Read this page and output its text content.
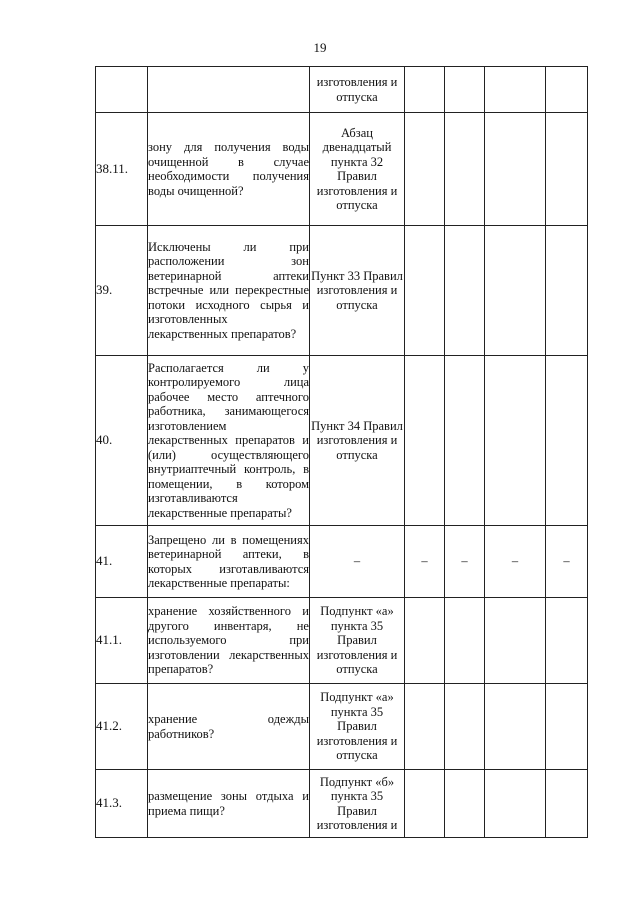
19
		изготовления и отпуска				
38.11.	зону для получения воды очищенной в случае необходимости получения воды очищенной?	Абзац двенадцатый пункта 32 Правил изготовления и отпуска				
39.	Исключены ли при расположении зон ветеринарной аптеки встречные или перекрестные потоки исходного сырья и изготовленных лекарственных препаратов?	Пункт 33 Правил изготовления и отпуска				
40.	Располагается ли у контролируемого лица рабочее место аптечного работника, занимающегося изготовлением лекарственных препаратов и (или) осуществляющего внутриаптечный контроль, в помещении, в котором изготавливаются лекарственные препараты?	Пункт 34 Правил изготовления и отпуска				
41.	Запрещено ли в помещениях ветеринарной аптеки, в которых изготавливаются лекарственные препараты:	–	–	–	–	–
41.1.	хранение хозяйственного и другого инвентаря, не используемого при изготовлении лекарственных препаратов?	Подпункт «а» пункта 35 Правил изготовления и отпуска				
41.2.	хранение одежды работников?	Подпункт «а» пункта 35 Правил изготовления и отпуска				
41.3.	размещение зоны отдыха и приема пищи?	Подпункт «б» пункта 35 Правил изготовления и				
